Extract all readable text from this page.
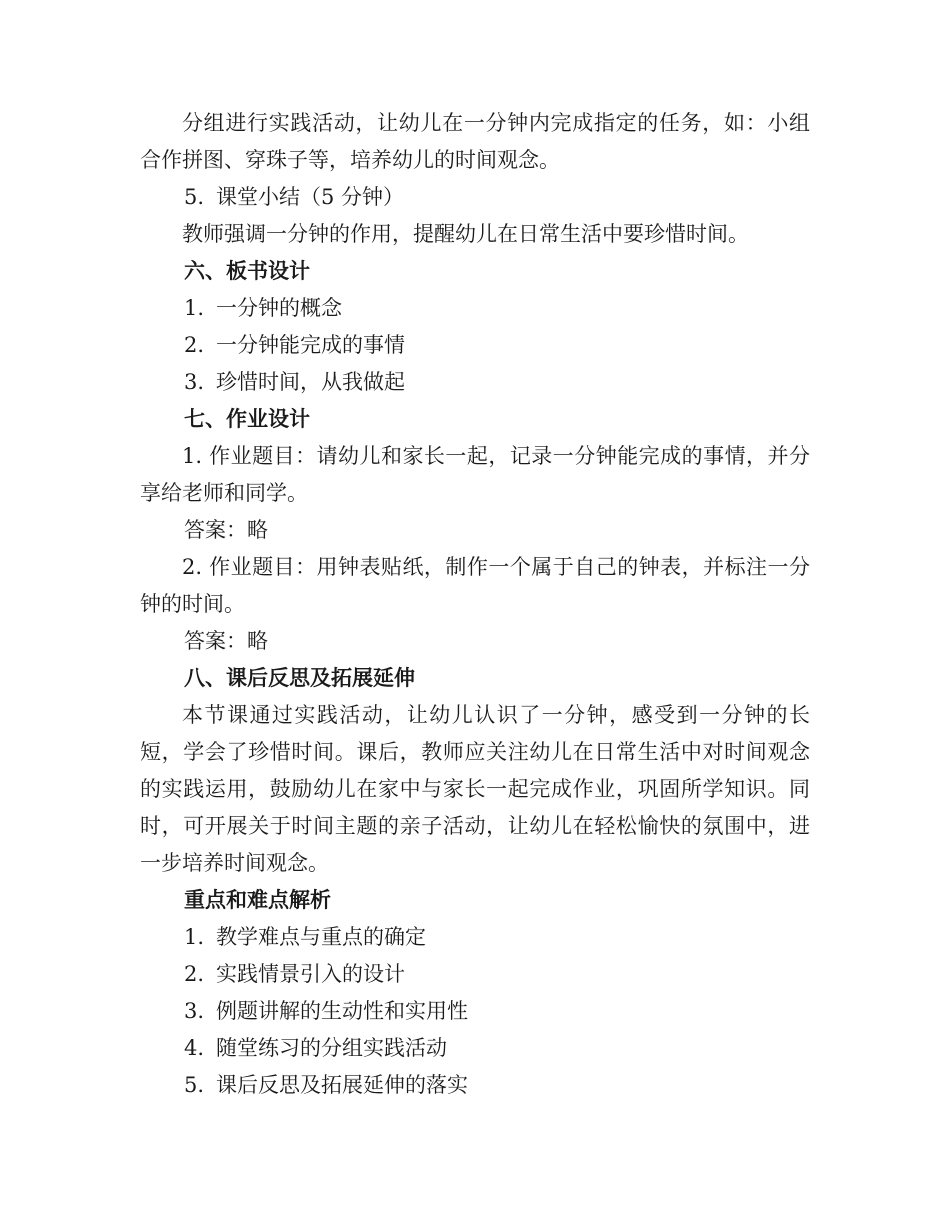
分组进行实践活动，让幼儿在一分钟内完成指定的任务，如：小组合作拼图、穿珠子等，培养幼儿的时间观念。

5. 课堂小结（5 分钟）

教师强调一分钟的作用，提醒幼儿在日常生活中要珍惜时间。

六、板书设计
1. 一分钟的概念
2. 一分钟能完成的事情
3. 珍惜时间，从我做起
七、作业设计

1. 作业题目：请幼儿和家长一起，记录一分钟能完成的事情，并分享给老师和同学。

答案：略

2. 作业题目：用钟表贴纸，制作一个属于自己的钟表，并标注一分钟的时间。

答案：略
八、课后反思及拓展延伸

本节课通过实践活动，让幼儿认识了一分钟，感受到一分钟的长短，学会了珍惜时间。课后，教师应关注幼儿在日常生活中对时间观念的实践运用，鼓励幼儿在家中与家长一起完成作业，巩固所学知识。同时，可开展关于时间主题的亲子活动，让幼儿在轻松愉快的氛围中，进一步培养时间观念。

重点和难点解析
1. 教学难点与重点的确定
2. 实践情景引入的设计
3. 例题讲解的生动性和实用性
4. 随堂练习的分组实践活动
5. 课后反思及拓展延伸的落实
